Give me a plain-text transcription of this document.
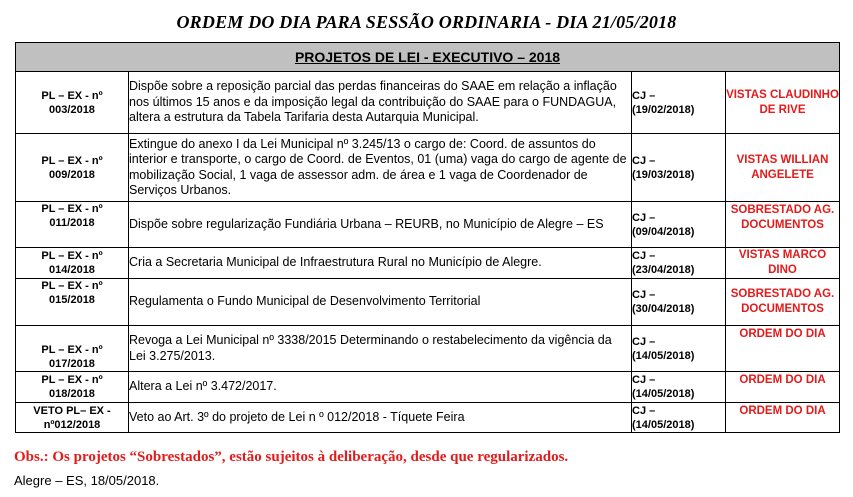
ORDEM DO DIA PARA SESSÃO ORDINARIA - DIA 21/05/2018
PROJETOS DE LEI - EXECUTIVO – 2018			

PL – EX - nº
003/2018
	Dispõe sobre a reposição parcial das perdas financeiras do SAAE em relação a inflação nos últimos 15 anos e da imposição legal da contribuição do SAAE para o FUNDAGUA, altera a estrutura da Tabela Tarifaria desta Autarquia Municipal.	
CJ –
(19/02/2018)
	VISTAS CLAUDINHO DE RIVE

PL – EX - nº
009/2018
	Extingue do anexo I da Lei Municipal nº 3.245/13 o cargo de: Coord. de assuntos do interior e transporte, o cargo de Coord. de Eventos, 01 (uma) vaga do cargo de agente de mobilização Social, 1 vaga de assessor adm. de área e 1 vaga de Coordenador de Serviços Urbanos.	
CJ –
(19/03/2018)
	VISTAS WILLIAN ANGELETE

PL – EX - nº
011/2018	Dispõe sobre regularização Fundiária Urbana – REURB, no Município de Alegre – ES	CJ –
(09/04/2018)
	SOBRESTADO AG. DOCUMENTOS

PL – EX - nº
014/2018
	Cria a Secretaria Municipal de Infraestrutura Rural no Município de Alegre.	CJ –
(23/04/2018)
	VISTAS MARCO DINO

PL – EX - nº
015/2018	Regulamenta o Fundo Municipal de Desenvolvimento Territorial	CJ –
(30/04/2018)
	SOBRESTADO AG. DOCUMENTOS

PL – EX - nº
017/2018
	Revoga a Lei Municipal nº 3338/2015 Determinando o restabelecimento da vigência da Lei 3.275/2013.	
CJ –
(14/05/2018)
	ORDEM DO DIA

PL – EX - nº
018/2018
	Altera a Lei nº 3.472/2017.	CJ –
(14/05/2018)
	ORDEM DO DIA

VETO PL– EX -
nº012/2018
	Veto ao Art. 3º do projeto de Lei n º 012/2018 - Tíquete Feira	CJ –
(14/05/2018)
	ORDEM DO DIA
Obs.: Os projetos “Sobrestados”, estão sujeitos à deliberação, desde que regularizados.
Alegre – ES, 18/05/2018.
